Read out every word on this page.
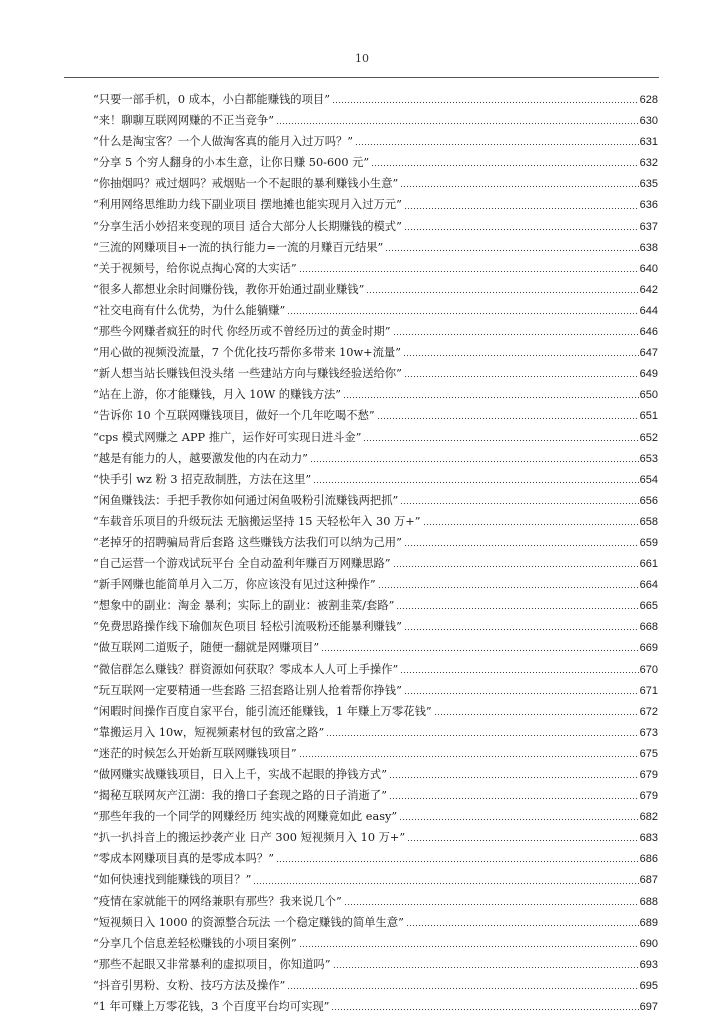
10
“只要一部手机，0 成本，小白都能赚钱的项目”	628
“来！聊聊互联网网赚的不正当竞争”	630
“什么是淘宝客？一个人做淘客真的能月入过万吗？”	631
“分享 5 个穷人翻身的小本生意，让你日赚 50-600 元”	632
“你抽烟吗？戒过烟吗？戒烟贴一个不起眼的暴利赚钱小生意”	635
“利用网络思维助力线下副业项目 摆地摊也能实现月入过万元”	636
“分享生活小妙招来变现的项目 适合大部分人长期赚钱的模式”	637
“三流的网赚项目+一流的执行能力=一流的月赚百元结果”	638
“关于视频号，给你说点掏心窝的大实话”	640
“很多人都想业余时间赚份钱，教你开始通过副业赚钱”	642
“社交电商有什么优势，为什么能躺赚”	644
“那些今网赚者疯狂的时代 你经历或不曾经历过的黄金时期”	646
“用心做的视频没流量，7 个优化技巧帮你多带来 10w+流量”	647
“新人想当站长赚钱但没头绪 一些建站方向与赚钱经验送给你”	649
“站在上游，你才能赚钱，月入 10W 的赚钱方法”	650
“告诉你 10 个互联网赚钱项目，做好一个几年吃喝不愁”	651
“cps 模式网赚之 APP 推广，运作好可实现日进斗金”	652
“越是有能力的人，越要激发他的内在动力”	653
“快手引 wz 粉 3 招克敌制胜，方法在这里”	654
“闲鱼赚钱法：手把手教你如何通过闲鱼吸粉引流赚钱两把抓”	656
“车载音乐项目的升级玩法 无脑搬运坚持 15 天轻松年入 30 万+”	658
“老掉牙的招聘骗局背后套路 这些赚钱方法我们可以纳为己用”	659
“自己运营一个游戏试玩平台 全自动盈利年赚百万网赚思路”	661
“新手网赚也能简单月入二万，你应该没有见过这种操作”	664
“想象中的副业：淘金 暴利；实际上的副业：被割韭菜/套路”	665
“免费思路操作线下瑜伽灰色项目 轻松引流吸粉还能暴利赚钱”	668
“做互联网二道贩子，随便一翻就是网赚项目”	669
“微信群怎么赚钱？群资源如何获取？零成本人人可上手操作”	670
“玩互联网一定要精通一些套路 三招套路让别人抢着帮你挣钱”	671
“闲暇时间操作百度自家平台，能引流还能赚钱，1 年赚上万零花钱”	672
“靠搬运月入 10w，短视频素材包的致富之路”	673
“迷茫的时候怎么开始新互联网赚钱项目”	675
“做网赚实战赚钱项目，日入上千，实战不起眼的挣钱方式”	679
“揭秘互联网灰产江湖：我的撸口子套现之路的日子消逝了”	679
“那些年我的一个同学的网赚经历 纯实战的网赚竟如此 easy”	682
“扒一扒抖音上的搬运抄袭产业 日产 300 短视频月入 10 万+”	683
“零成本网赚项目真的是零成本吗？”	686
“如何快速找到能赚钱的项目？”	687
“疫情在家就能干的网络兼职有那些？我来说几个”	688
“短视频日入 1000 的资源整合玩法 一个稳定赚钱的简单生意”	689
“分享几个信息差轻松赚钱的小项目案例”	690
“那些不起眼又非常暴利的虚拟项目，你知道吗”	693
“抖音引男粉、女粉、技巧方法及操作”	695
“1 年可赚上万零花钱，3 个百度平台均可实现”	697
